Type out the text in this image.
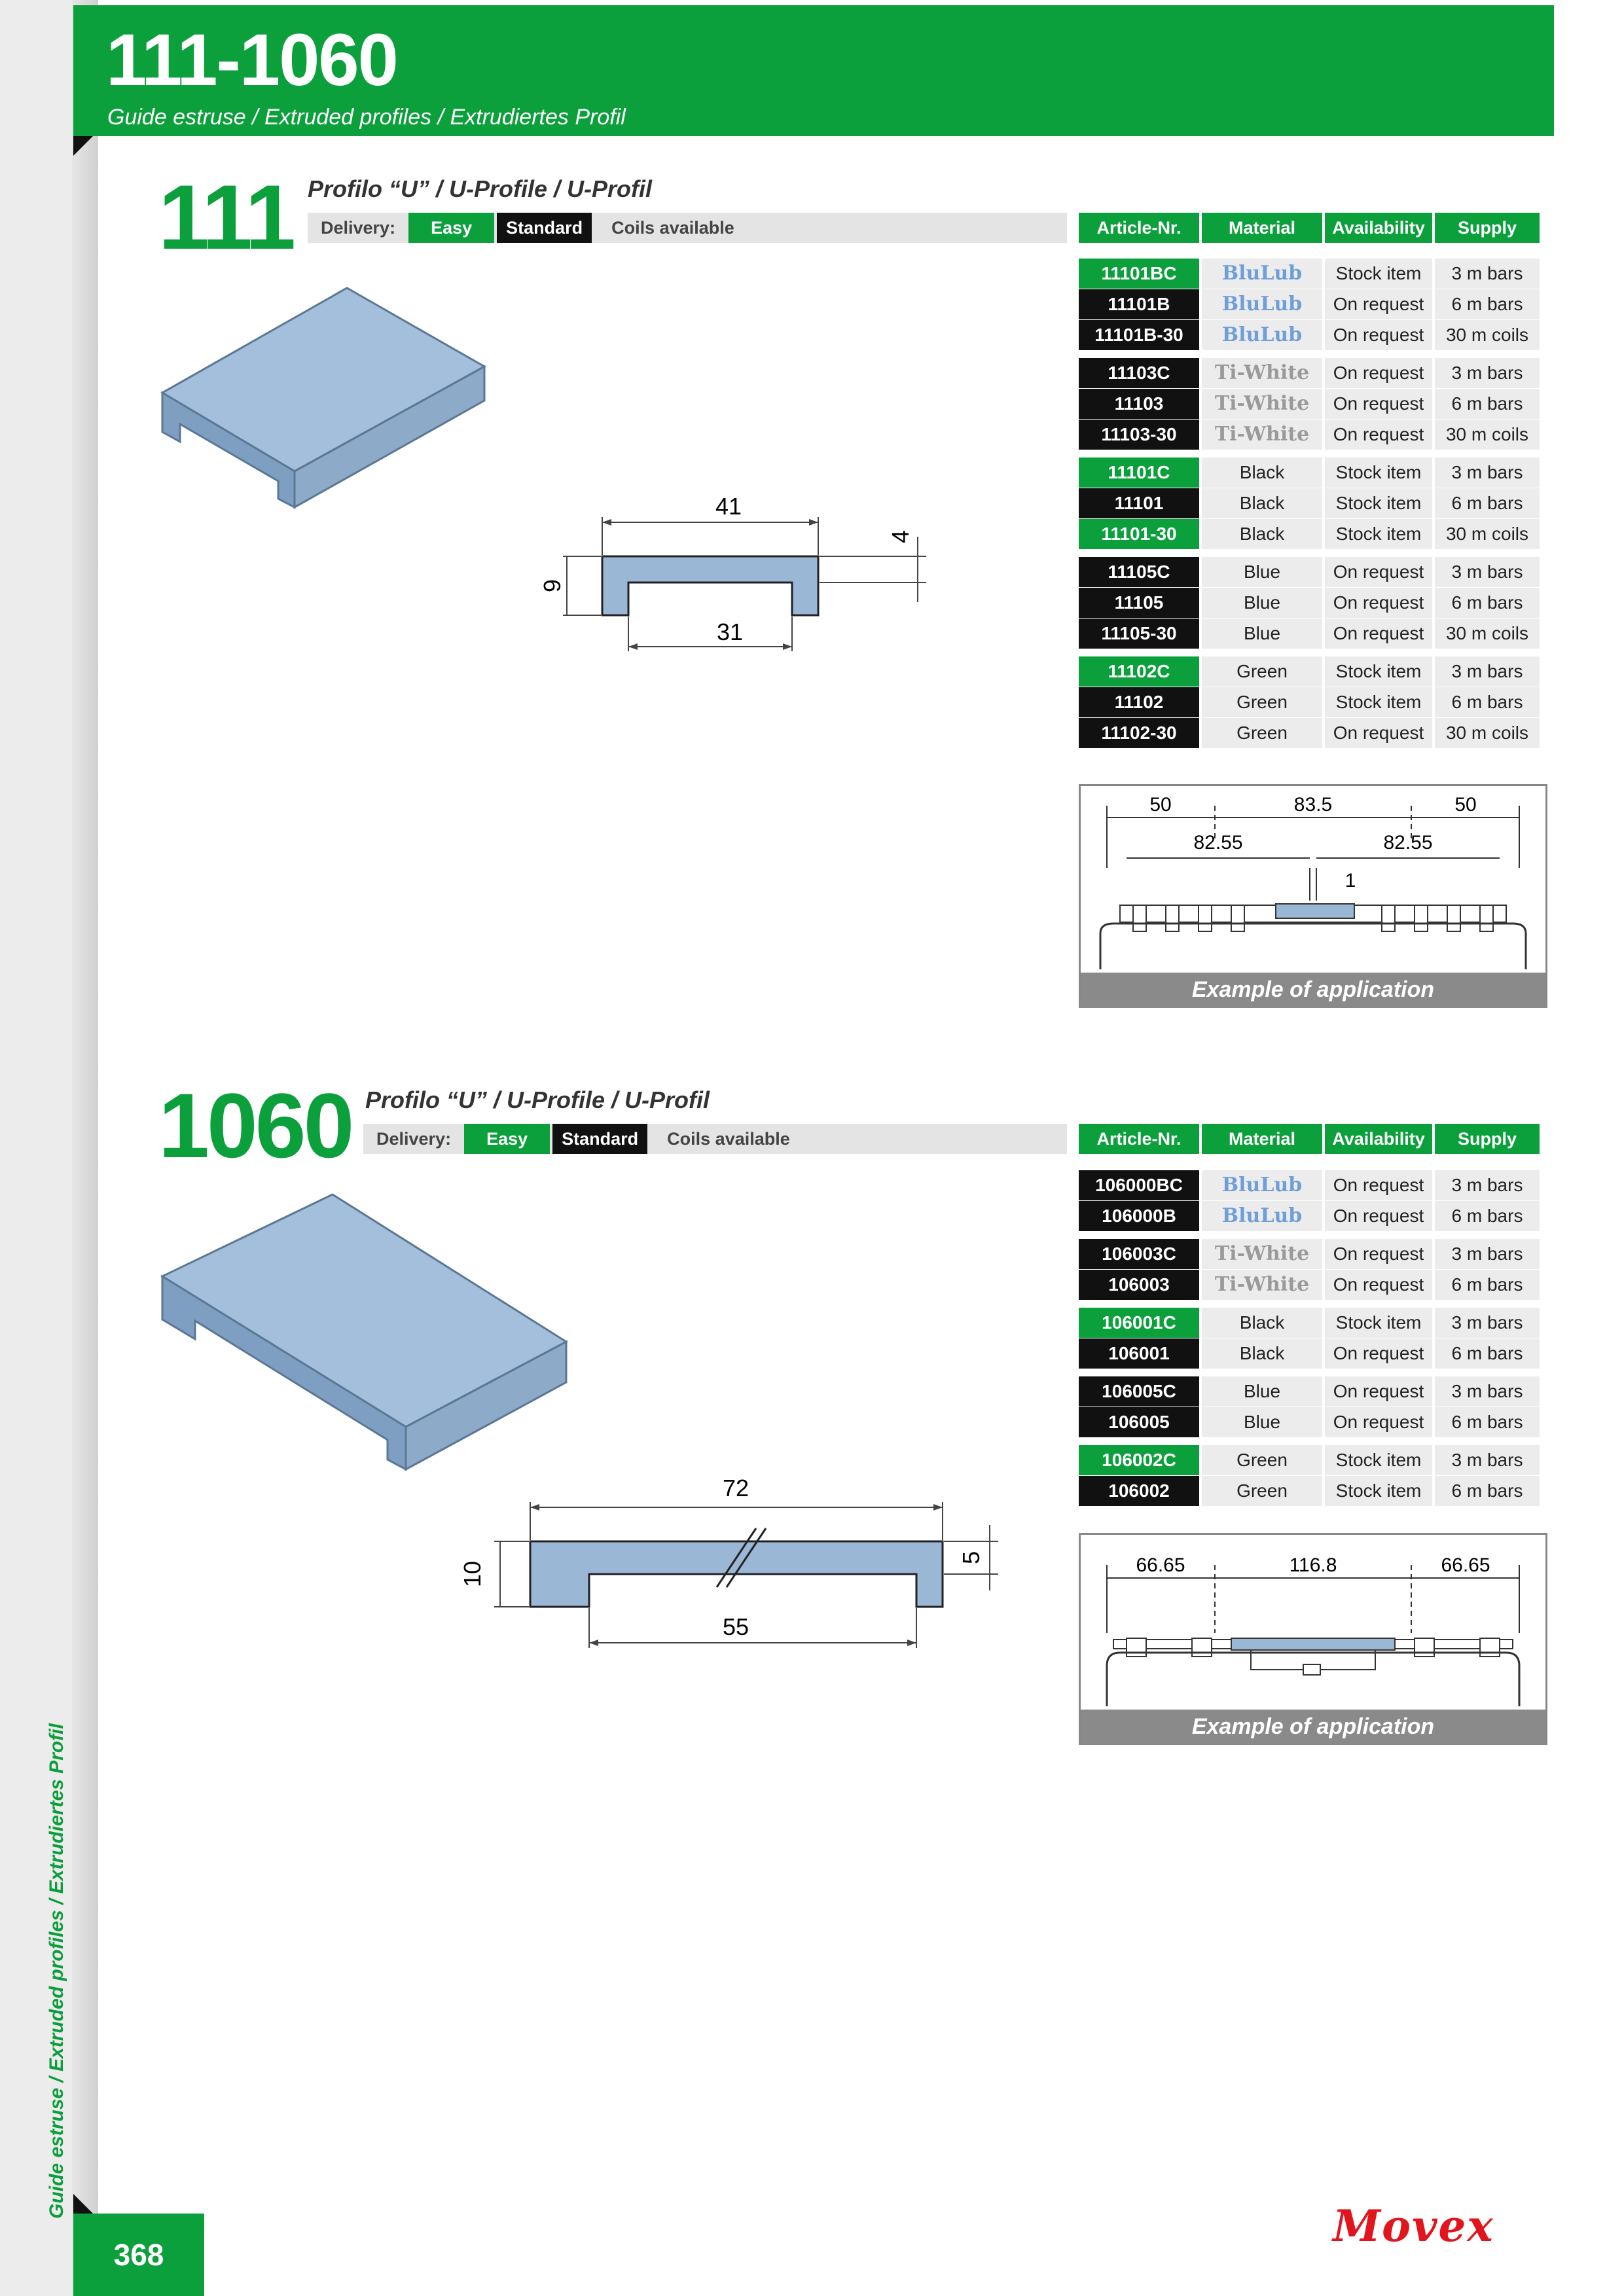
Guide estruse / Extruded profiles / Extrudiertes Profil
111-1060
Guide estruse / Extruded profiles / Extrudiertes Profil
111 Profilo “U” / U-Profile / U-Profil
Delivery:	Easy	Standard	Coils available	Article-Nr.	Material	Availability	Supply
11101BC	BluLub	Stock item	3 m bars
11101B	BluLub	On request	6 m bars
11101B-30	BluLub	On request	30 m coils
11103C	Ti-White	On request	3 m bars
11103	Ti-White	On request	6 m bars
11103-30	Ti-White	On request	30 m coils
11101C	Black	Stock item	3 m bars
11101	Black	Stock item	6 m bars
11101-30	Black	Stock item	30 m coils
11105C	Blue	On request	3 m bars
11105	Blue	On request	6 m bars
11105-30	Blue	On request	30 m coils
11102C	Green	Stock item	3 m bars
11102	Green	Stock item	6 m bars
11102-30	Green	On request	30 m coils
41
31
9
4
50	83.5	50
82.55	82.55
1
Example of application
1060 Profilo “U” / U-Profile / U-Profil
Delivery:	Easy	Standard	Coils available	Article-Nr.	Material	Availability	Supply
106000BC	BluLub	On request	3 m bars
106000B	BluLub	On request	6 m bars
106003C	Ti-White	On request	3 m bars
106003	Ti-White	On request	6 m bars
106001C	Black	Stock item	3 m bars
106001	Black	On request	6 m bars
106005C	Blue	On request	3 m bars
106005	Blue	On request	6 m bars
106002C	Green	Stock item	3 m bars
106002	Green	Stock item	6 m bars
72
55
10
5	66.65	116.8	66.65
Example of application
368
Movex
